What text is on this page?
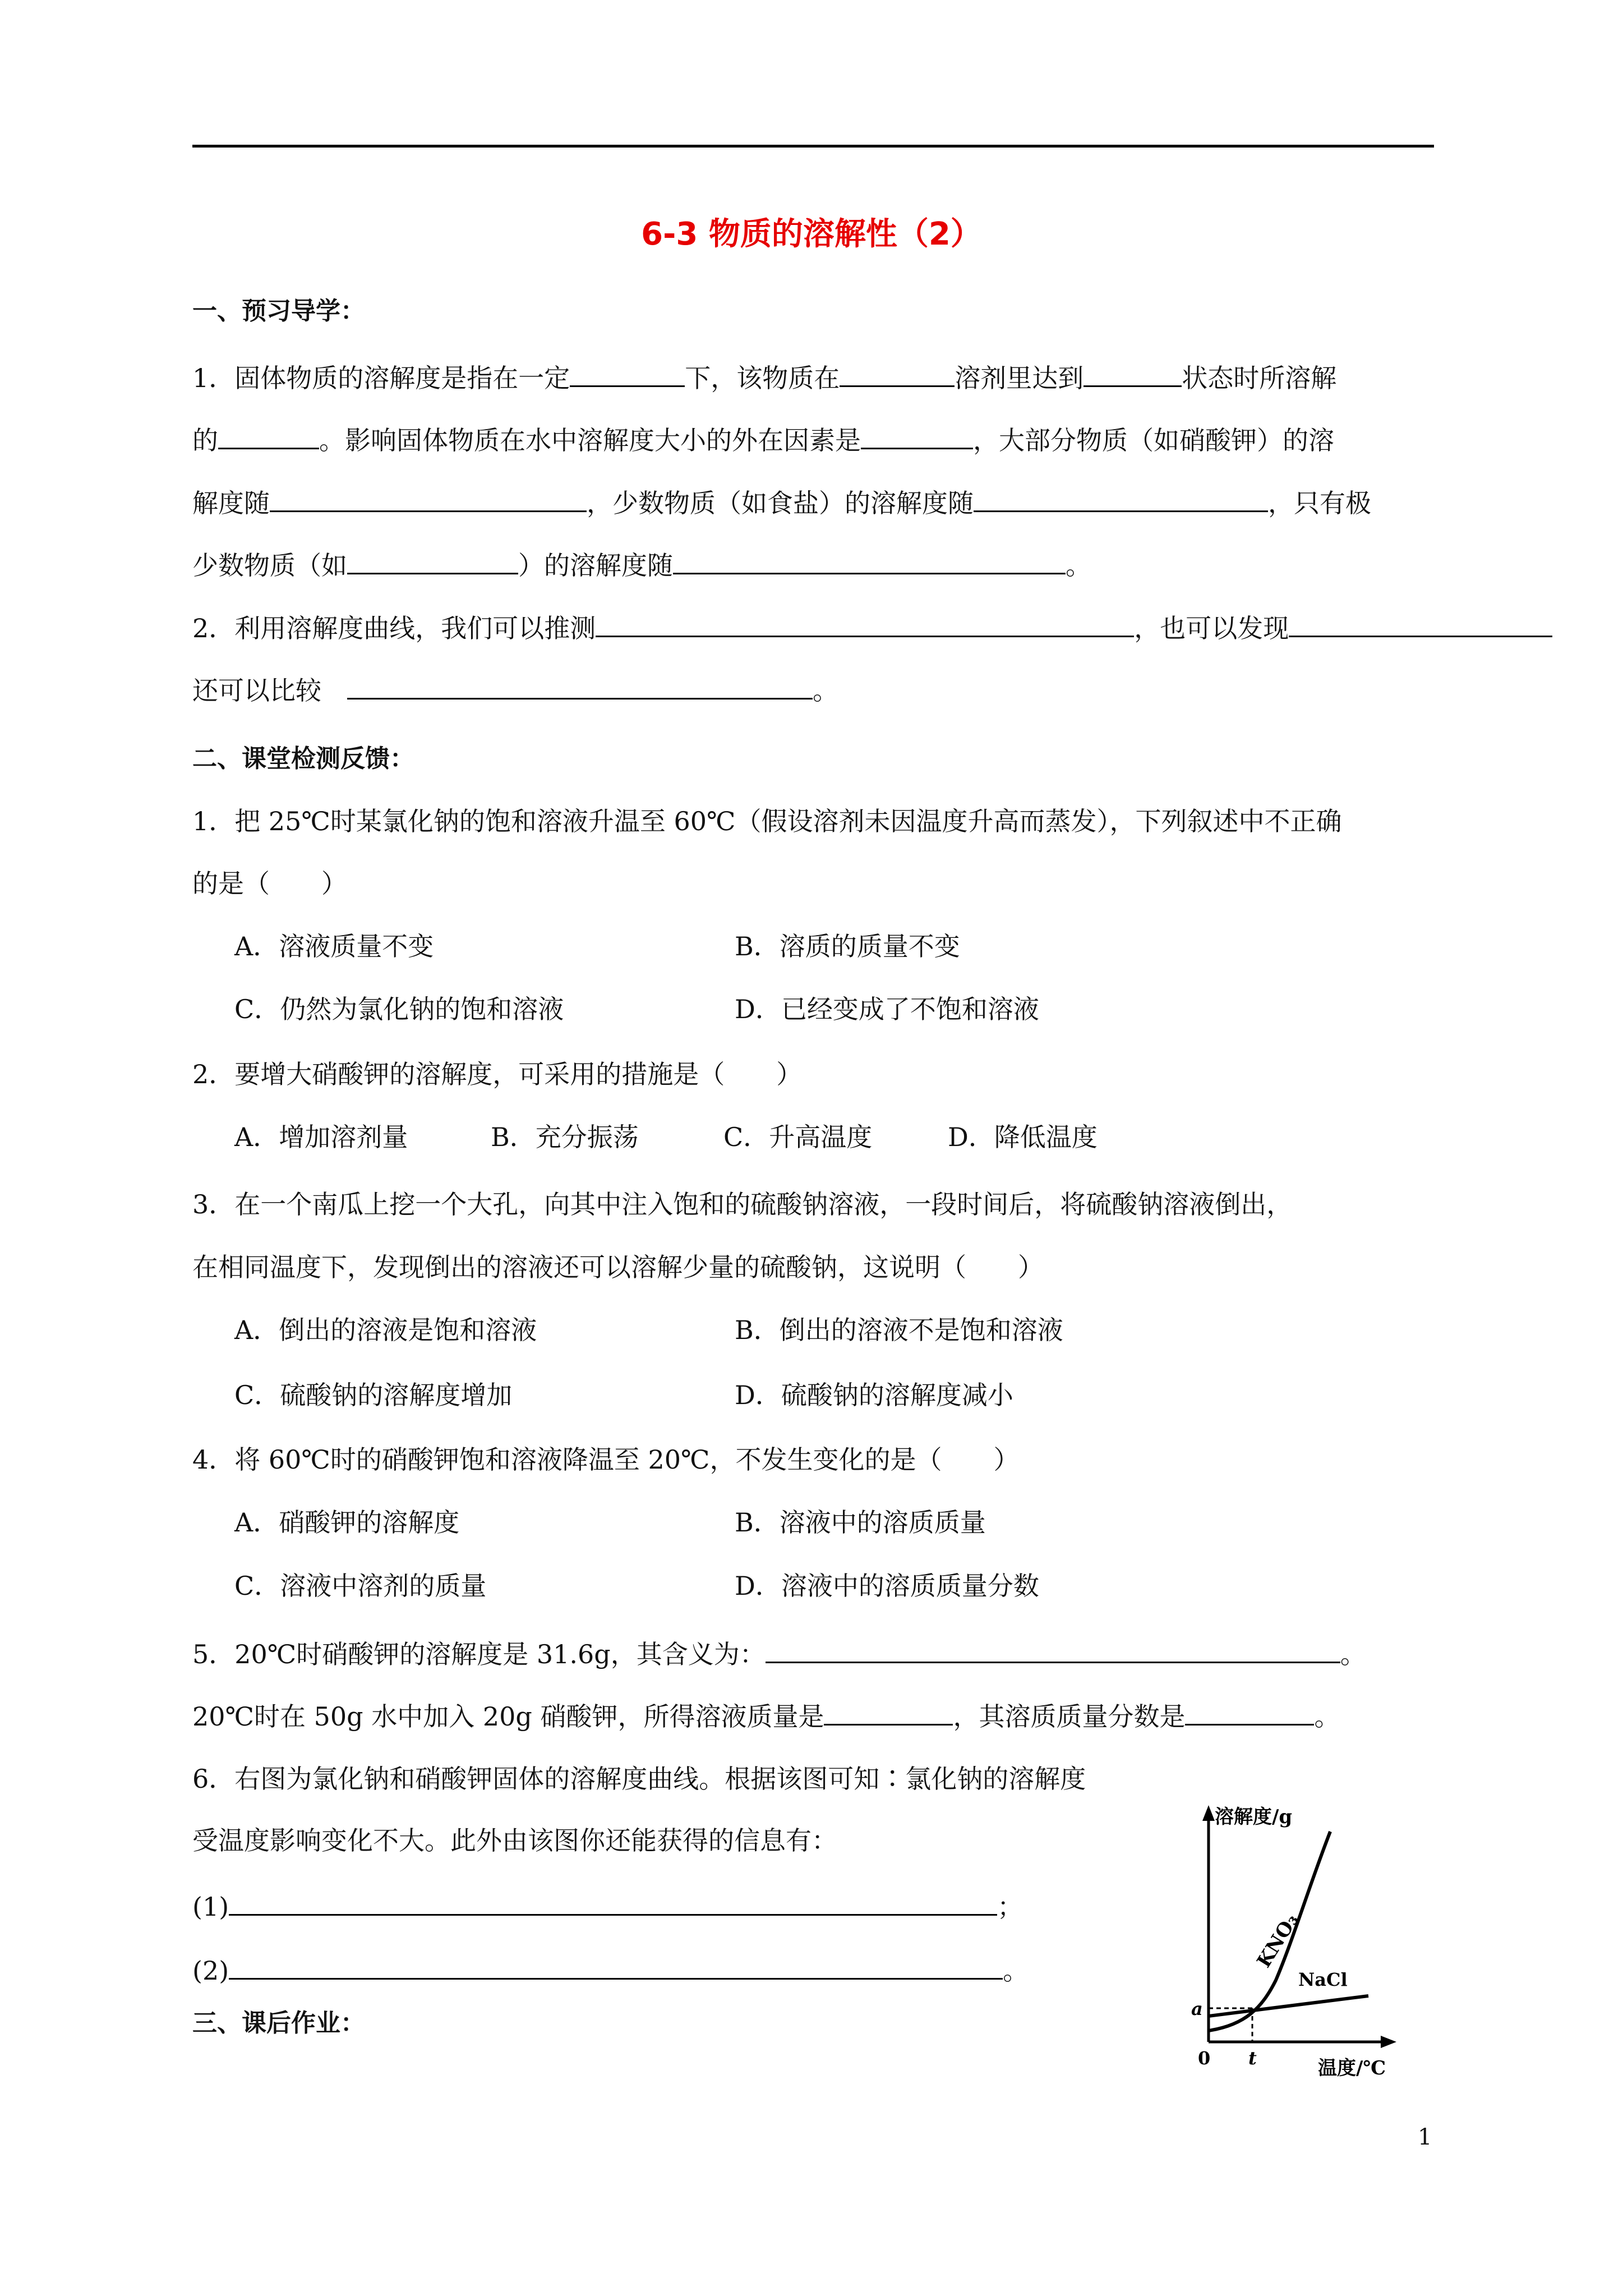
6-3 物质的溶解性（2）
一、预习导学：
1．固体物质的溶解度是指在一定	下，该物质在	溶剂里达到	状态时所溶解
的	。影响固体物质在水中溶解度大小的外在因素是	，大部分物质（如硝酸钾）的溶
解度随	，少数物质（如食盐）的溶解度随	，只有极
少数物质（如	）的溶解度随	。
2．利用溶解度曲线，我们可以推测	，也可以发现
还可以比较　	。
二、课堂检测反馈：
1．把 25℃时某氯化钠的饱和溶液升温至 60℃（假设溶剂未因温度升高而蒸发），下列叙述中不正确
的是（　　）
A．溶液质量不变	B．溶质的质量不变
C．仍然为氯化钠的饱和溶液	D．已经变成了不饱和溶液
2．要增大硝酸钾的溶解度，可采用的措施是（　　）
A．增加溶剂量	B．充分振荡	C．升高温度	D．降低温度
3．在一个南瓜上挖一个大孔，向其中注入饱和的硫酸钠溶液，一段时间后，将硫酸钠溶液倒出，
在相同温度下，发现倒出的溶液还可以溶解少量的硫酸钠，这说明（　　）
A．倒出的溶液是饱和溶液	B．倒出的溶液不是饱和溶液
C．硫酸钠的溶解度增加	D．硫酸钠的溶解度减小
4．将 60℃时的硝酸钾饱和溶液降温至 20℃，不发生变化的是（　　）
A．硝酸钾的溶解度	B．溶液中的溶质质量
C．溶液中溶剂的质量	D．溶液中的溶质质量分数
5．20℃时硝酸钾的溶解度是 31.6g，其含义为：	。
20℃时在 50g 水中加入 20g 硝酸钾，所得溶液质量是	，其溶质质量分数是	。
6．右图为氯化钠和硝酸钾固体的溶解度曲线。根据该图可知∶氯化钠的溶解度
受温度影响变化不大。此外由该图你还能获得的信息有：
(1)	；
(2)	。
三、课后作业：
溶解度/g
温度/℃
KNO₃
NaCl
a
t
0
1
